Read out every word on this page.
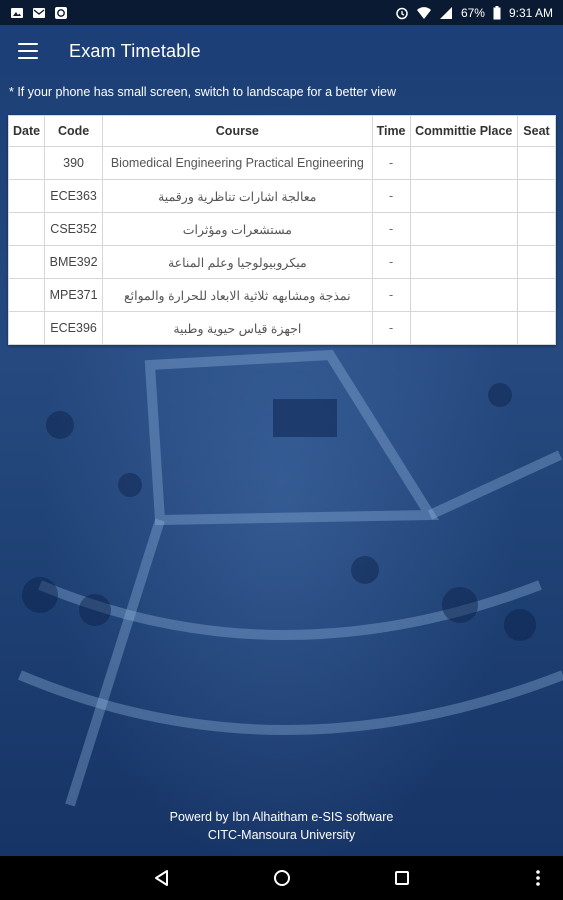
67% 9:31 AM
Exam Timetable
* If your phone has small screen, switch to landscape for a better view
Date	Code	Course	Time	Committie Place	Seat
	390	Biomedical Engineering Practical Engineering	-		
	ECE363	معالجة اشارات تناظرية ورقمية	-		
	CSE352	مستشعرات ومؤثرات	-		
	BME392	ميكروبيولوجيا وعلم المناعة	-		
	MPE371	نمذجة ومشابهه ثلاثية الابعاد للحرارة والموائع	-		
	ECE396	اجهزة قياس حيوية وطبية	-		
Powerd by Ibn Alhaitham e-SIS software
CITC-Mansoura University
